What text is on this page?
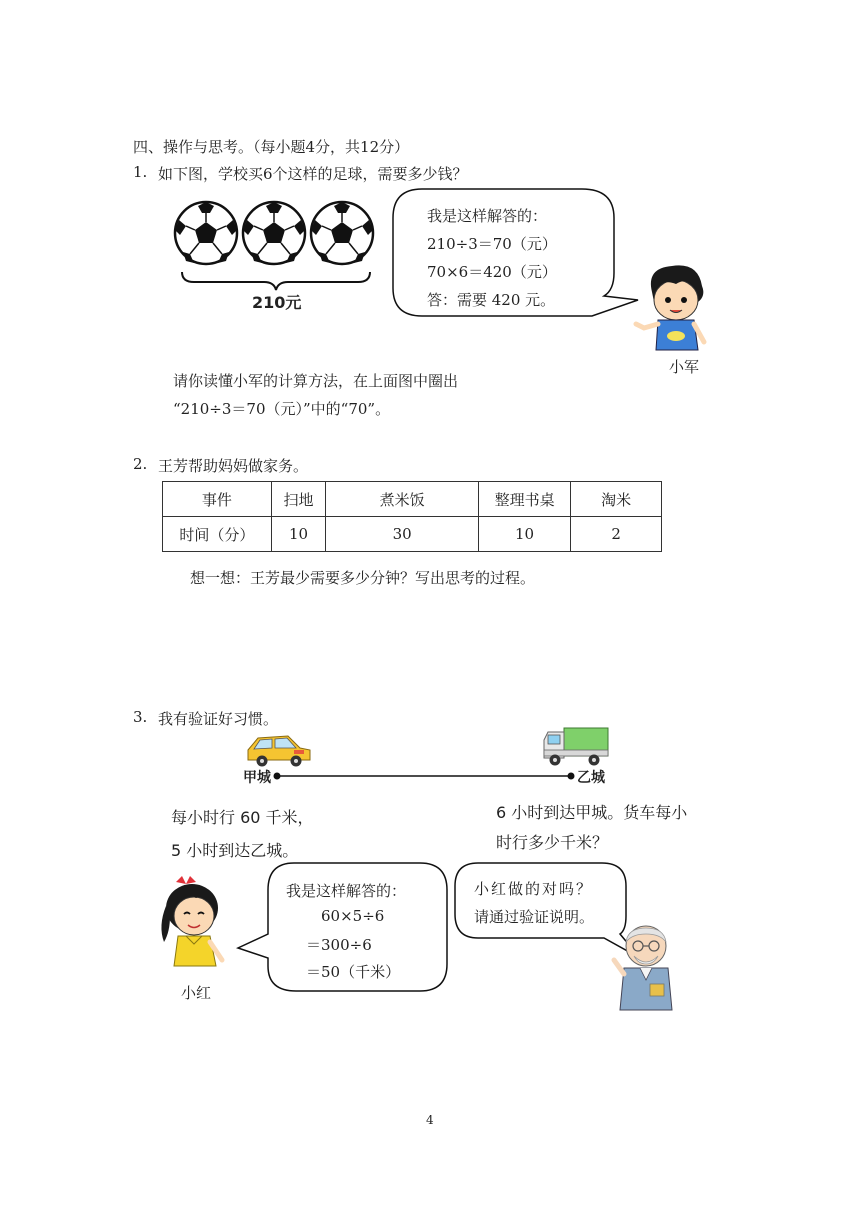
四、操作与思考。（每小题4分，共12分）
1. 如下图，学校买6个这样的足球，需要多少钱？
210元
我是这样解答的：
210÷3＝70（元）
70×6＝420（元）
答：需要 420 元。
小军
请你读懂小军的计算方法，在上面图中圈出
“210÷3＝70（元）”中的“70”。
2. 王芳帮助妈妈做家务。
事件	扫地	煮米饭	整理书桌	淘米
时间（分）	10	30	10	2
想一想：王芳最少需要多少分钟？写出思考的过程。
3. 我有验证好习惯。
甲城	乙城
每小时行 60 千米，
5 小时到达乙城。
6 小时到达甲城。货车每小
时行多少千米？
小红
我是这样解答的：
60×5÷6
＝300÷6
＝50（千米）
小红做的对吗？
请通过验证说明。
4
